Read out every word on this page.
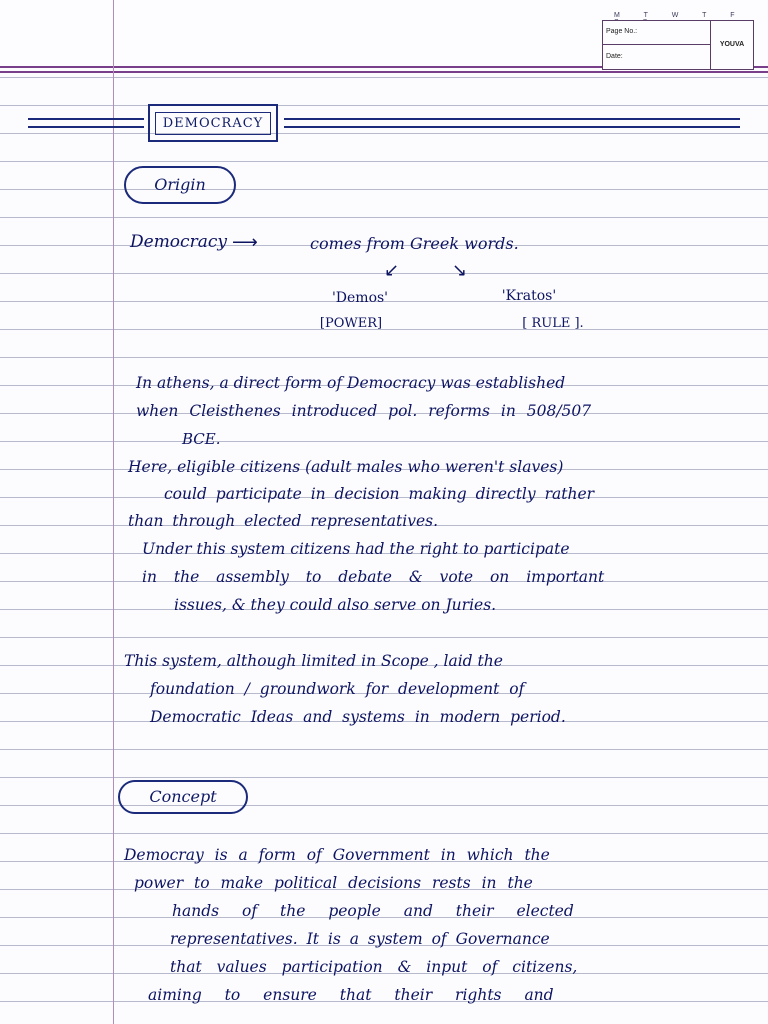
M T W T F
Page No.:
Date:
YOUVA
DEMOCRACY
Origin
Democracy ⟶	comes from Greek words.
↙	↘
'Demos'	'Kratos'
[POWER]	[ RULE ].
In athens, a direct form of Democracy was established
when Cleisthenes introduced pol. reforms in 508/507
BCE.
Here, eligible citizens (adult males who weren't slaves)
could participate in decision making directly rather
than through elected representatives.
Under this system citizens had the right to participate
in the assembly to debate & vote on important
issues, & they could also serve on Juries.
This system, although limited in Scope , laid the
foundation / groundwork for development of
Democratic Ideas and systems in modern period.
Concept
Democray is a form of Government in which the
power to make political decisions rests in the
hands of the people and their elected
representatives. It is a system of Governance
that values participation & input of citizens,
aiming to ensure that their rights and
